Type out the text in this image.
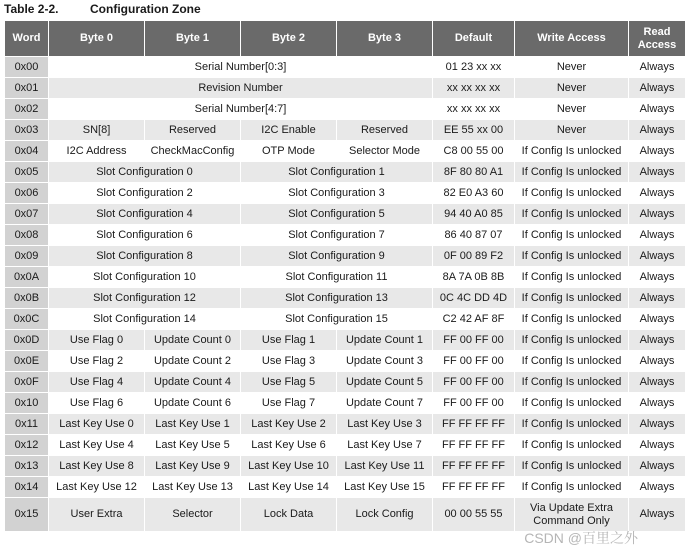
Table 2-2.	Configuration Zone
Word	Byte 0	Byte 1	Byte 2	Byte 3	Default	Write Access	Read Access
0x00	Serial Number[0:3]				01 23 xx xx	Never	Always
0x01	Revision Number				xx xx xx xx	Never	Always
0x02	Serial Number[4:7]				xx xx xx xx	Never	Always
0x03	SN[8]	Reserved	I2C Enable	Reserved	EE 55 xx 00	Never	Always
0x04	I2C Address	CheckMacConfig	OTP Mode	Selector Mode	C8 00 55 00	If Config Is unlocked	Always
0x05	Slot Configuration 0		Slot Configuration 1		8F 80 80 A1	If Config Is unlocked	Always
0x06	Slot Configuration 2		Slot Configuration 3		82 E0 A3 60	If Config Is unlocked	Always
0x07	Slot Configuration 4		Slot Configuration 5		94 40 A0 85	If Config Is unlocked	Always
0x08	Slot Configuration 6		Slot Configuration 7		86 40 87 07	If Config Is unlocked	Always
0x09	Slot Configuration 8		Slot Configuration 9		0F 00 89 F2	If Config Is unlocked	Always
0x0A	Slot Configuration 10		Slot Configuration 11		8A 7A 0B 8B	If Config Is unlocked	Always
0x0B	Slot Configuration 12		Slot Configuration 13		0C 4C DD 4D	If Config Is unlocked	Always
0x0C	Slot Configuration 14		Slot Configuration 15		C2 42 AF 8F	If Config Is unlocked	Always
0x0D	Use Flag 0	Update Count 0	Use Flag 1	Update Count 1	FF 00 FF 00	If Config Is unlocked	Always
0x0E	Use Flag 2	Update Count 2	Use Flag 3	Update Count 3	FF 00 FF 00	If Config Is unlocked	Always
0x0F	Use Flag 4	Update Count 4	Use Flag 5	Update Count 5	FF 00 FF 00	If Config Is unlocked	Always
0x10	Use Flag 6	Update Count 6	Use Flag 7	Update Count 7	FF 00 FF 00	If Config Is unlocked	Always
0x11	Last Key Use 0	Last Key Use 1	Last Key Use 2	Last Key Use 3	FF FF FF FF	If Config Is unlocked	Always
0x12	Last Key Use 4	Last Key Use 5	Last Key Use 6	Last Key Use 7	FF FF FF FF	If Config Is unlocked	Always
0x13	Last Key Use 8	Last Key Use 9	Last Key Use 10	Last Key Use 11	FF FF FF FF	If Config Is unlocked	Always
0x14	Last Key Use 12	Last Key Use 13	Last Key Use 14	Last Key Use 15	FF FF FF FF	If Config Is unlocked	Always
0x15	User Extra	Selector	Lock Data	Lock Config	00 00 55 55	Via Update Extra Command Only	Always
CSDN @百里之外
